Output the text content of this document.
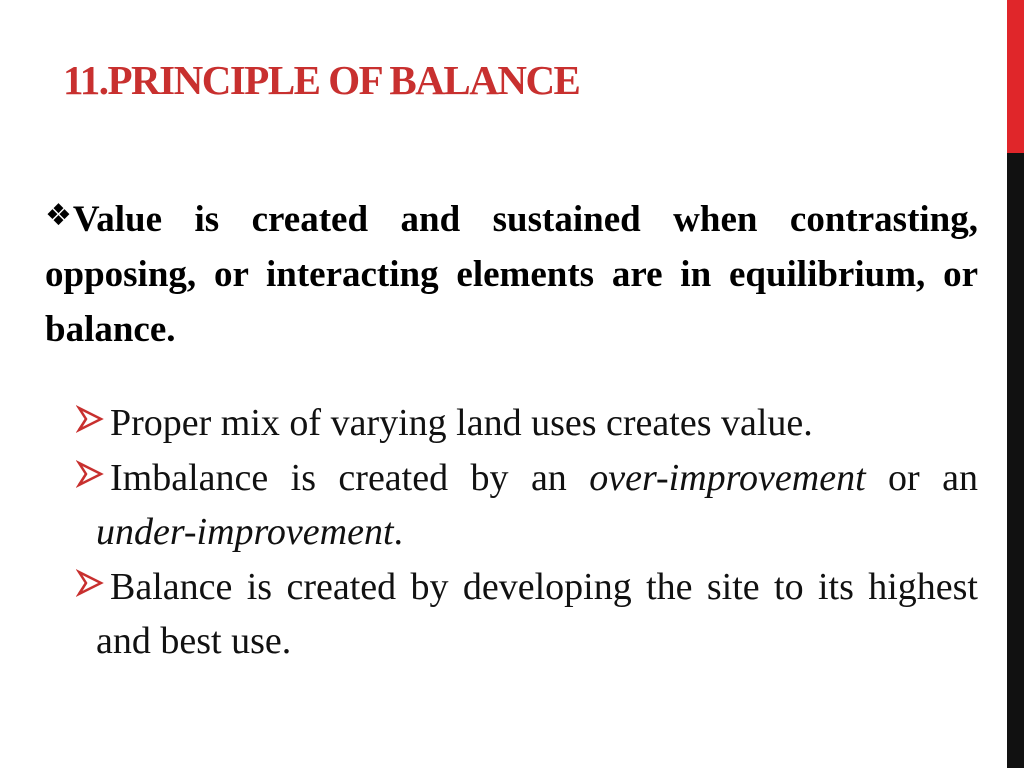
11.PRINCIPLE OF BALANCE

❖Value is created and sustained when contrasting, opposing, or interacting elements are in equilibrium, or balance.

Proper mix of varying land uses creates value.
Imbalance is created by an over-improvement or an under-improvement.
Balance is created by developing the site to its highest and best use.
